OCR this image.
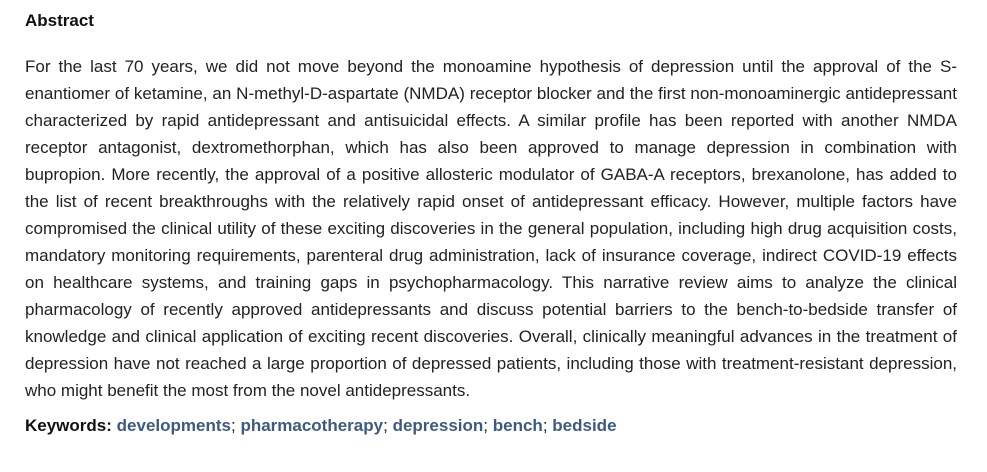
Abstract

For the last 70 years, we did not move beyond the monoamine hypothesis of depression until the approval of the S-enantiomer of ketamine, an N-methyl-D-aspartate (NMDA) receptor blocker and the first non-monoaminergic antidepressant characterized by rapid antidepressant and antisuicidal effects. A similar profile has been reported with another NMDA receptor antagonist, dextromethorphan, which has also been approved to manage depression in combination with bupropion. More recently, the approval of a positive allosteric modulator of GABA-A receptors, brexanolone, has added to the list of recent breakthroughs with the relatively rapid onset of antidepressant efficacy. However, multiple factors have compromised the clinical utility of these exciting discoveries in the general population, including high drug acquisition costs, mandatory monitoring requirements, parenteral drug administration, lack of insurance coverage, indirect COVID-19 effects on healthcare systems, and training gaps in psychopharmacology. This narrative review aims to analyze the clinical pharmacology of recently approved antidepressants and discuss potential barriers to the bench-to-bedside transfer of knowledge and clinical application of exciting recent discoveries. Overall, clinically meaningful advances in the treatment of depression have not reached a large proportion of depressed patients, including those with treatment-resistant depression, who might benefit the most from the novel antidepressants.

Keywords: developments; pharmacotherapy; depression; bench; bedside
